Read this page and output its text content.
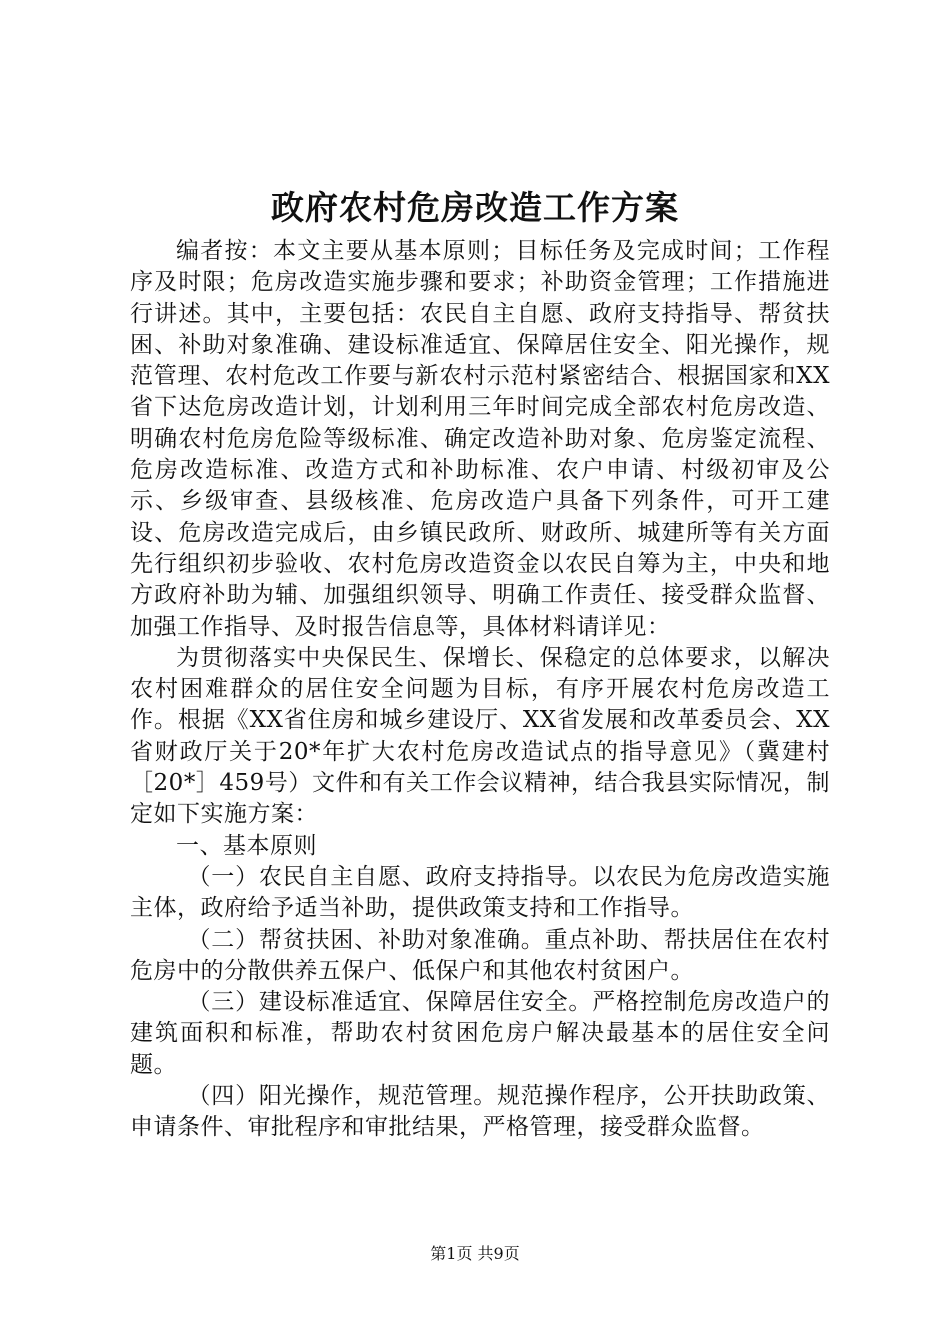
政府农村危房改造工作方案

编者按：本文主要从基本原则；目标任务及完成时间；工作程序及时限；危房改造实施步骤和要求；补助资金管理；工作措施进行讲述。其中，主要包括：农民自主自愿、政府支持指导、帮贫扶困、补助对象准确、建设标准适宜、保障居住安全、阳光操作，规范管理、农村危改工作要与新农村示范村紧密结合、根据国家和XX省下达危房改造计划，计划利用三年时间完成全部农村危房改造、明确农村危房危险等级标准、确定改造补助对象、危房鉴定流程、危房改造标准、改造方式和补助标准、农户申请、村级初审及公示、乡级审查、县级核准、危房改造户具备下列条件，可开工建设、危房改造完成后，由乡镇民政所、财政所、城建所等有关方面先行组织初步验收、农村危房改造资金以农民自筹为主，中央和地方政府补助为辅、加强组织领导、明确工作责任、接受群众监督、加强工作指导、及时报告信息等，具体材料请详见：

为贯彻落实中央保民生、保增长、保稳定的总体要求，以解决农村困难群众的居住安全问题为目标，有序开展农村危房改造工作。根据《XX省住房和城乡建设厅、XX省发展和改革委员会、XX省财政厅关于20*年扩大农村危房改造试点的指导意见》（冀建村［20*］459号）文件和有关工作会议精神，结合我县实际情况，制定如下实施方案：

一、基本原则

（一）农民自主自愿、政府支持指导。以农民为危房改造实施主体，政府给予适当补助，提供政策支持和工作指导。

（二）帮贫扶困、补助对象准确。重点补助、帮扶居住在农村危房中的分散供养五保户、低保户和其他农村贫困户。

（三）建设标准适宜、保障居住安全。严格控制危房改造户的建筑面积和标准，帮助农村贫困危房户解决最基本的居住安全问题。

（四）阳光操作，规范管理。规范操作程序，公开扶助政策、申请条件、审批程序和审批结果，严格管理，接受群众监督。

第1页 共9页
